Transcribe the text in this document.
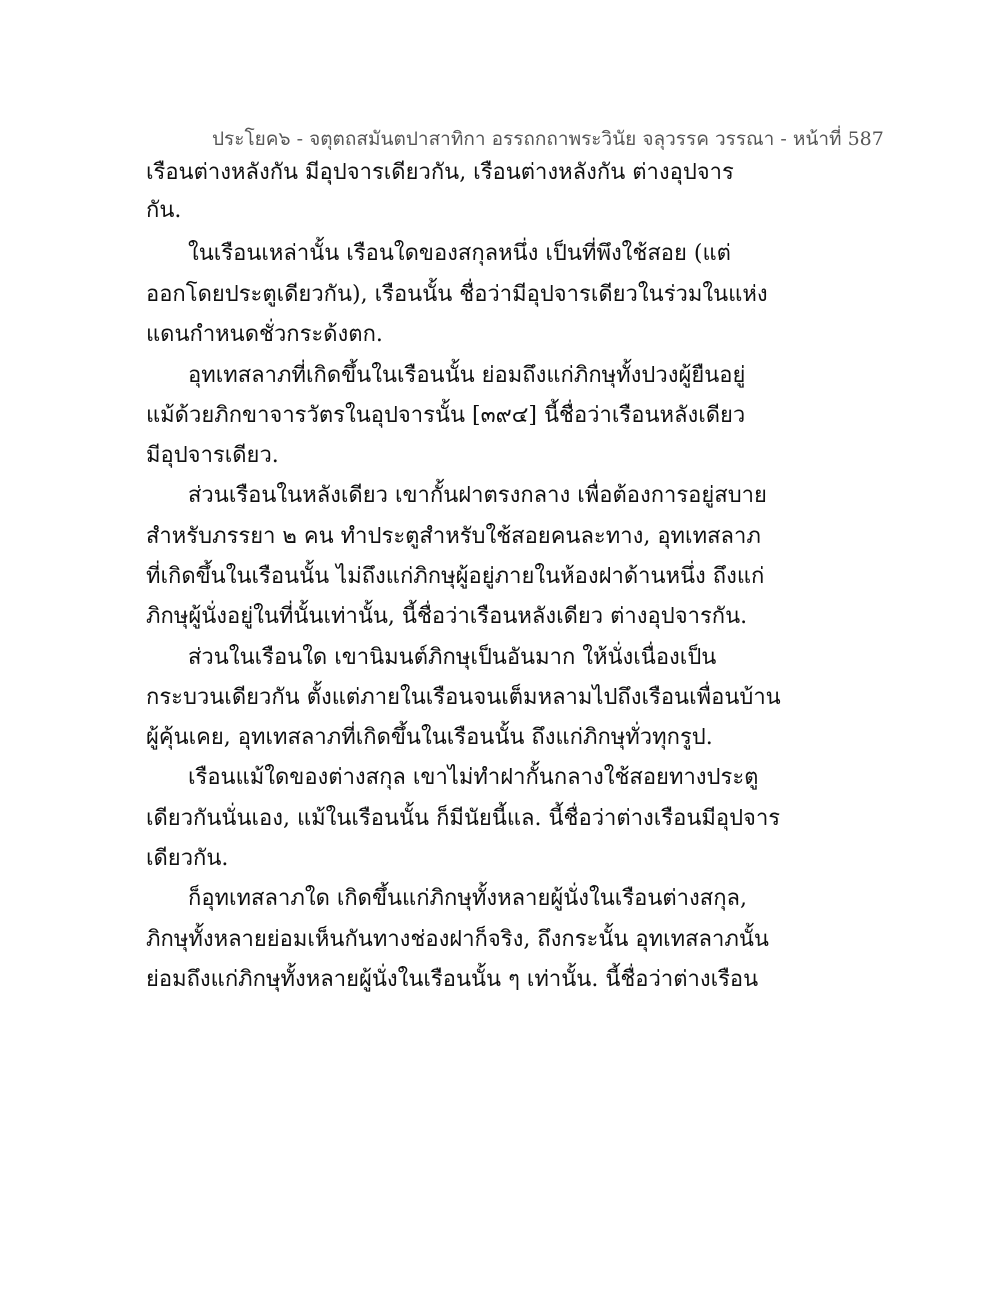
ประโยค๖ - จตุตถสมันตปาสาทิกา อรรถกถาพระวินัย จลุวรรค วรรณา - หน้าที่ 587
เรือนต่างหลังกัน มีอุปจารเดียวกัน, เรือนต่างหลังกัน ต่างอุปจาร
กัน.
ในเรือนเหล่านั้น เรือนใดของสกุลหนึ่ง เป็นที่พึงใช้สอย (แต่
ออกโดยประตูเดียวกัน), เรือนนั้น ชื่อว่ามีอุปจารเดียวในร่วมในแห่ง
แดนกำหนดชั่วกระด้งตก.
อุทเทสลาภที่เกิดขึ้นในเรือนนั้น ย่อมถึงแก่ภิกษุทั้งปวงผู้ยืนอยู่
แม้ด้วยภิกขาจารวัตรในอุปจารนั้น [๓๙๔] นี้ชื่อว่าเรือนหลังเดียว
มีอุปจารเดียว.
ส่วนเรือนในหลังเดียว เขากั้นฝาตรงกลาง เพื่อต้องการอยู่สบาย
สำหรับภรรยา ๒ คน ทำประตูสำหรับใช้สอยคนละทาง, อุทเทสลาภ
ที่เกิดขึ้นในเรือนนั้น ไม่ถึงแก่ภิกษุผู้อยู่ภายในห้องฝาด้านหนึ่ง ถึงแก่
ภิกษุผู้นั่งอยู่ในที่นั้นเท่านั้น, นี้ชื่อว่าเรือนหลังเดียว ต่างอุปจารกัน.
ส่วนในเรือนใด เขานิมนต์ภิกษุเป็นอันมาก ให้นั่งเนื่องเป็น
กระบวนเดียวกัน ตั้งแต่ภายในเรือนจนเต็มหลามไปถึงเรือนเพื่อนบ้าน
ผู้คุ้นเคย, อุทเทสลาภที่เกิดขึ้นในเรือนนั้น ถึงแก่ภิกษุทั่วทุกรูป.
เรือนแม้ใดของต่างสกุล เขาไม่ทำฝากั้นกลางใช้สอยทางประตู
เดียวกันนั่นเอง, แม้ในเรือนนั้น ก็มีนัยนี้แล. นี้ชื่อว่าต่างเรือนมีอุปจาร
เดียวกัน.
ก็อุทเทสลาภใด เกิดขึ้นแก่ภิกษุทั้งหลายผู้นั่งในเรือนต่างสกุล,
ภิกษุทั้งหลายย่อมเห็นกันทางช่องฝาก็จริง, ถึงกระนั้น อุทเทสลาภนั้น
ย่อมถึงแก่ภิกษุทั้งหลายผู้นั่งในเรือนนั้น ๆ เท่านั้น. นี้ชื่อว่าต่างเรือน
